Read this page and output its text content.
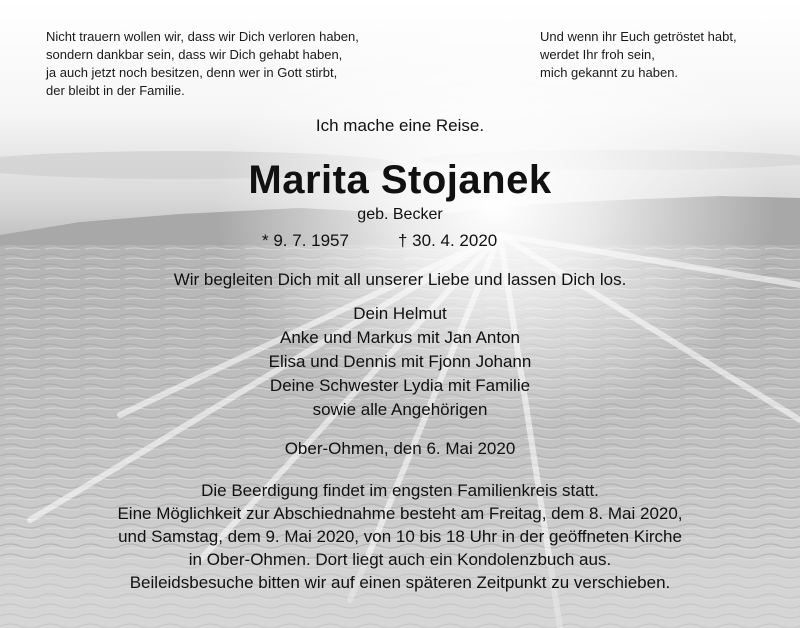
Nicht trauern wollen wir, dass wir Dich verloren haben,
sondern dankbar sein, dass wir Dich gehabt haben,
ja auch jetzt noch besitzen, denn wer in Gott stirbt,
der bleibt in der Familie.
Und wenn ihr Euch getröstet habt,
werdet Ihr froh sein,
mich gekannt zu haben.
Ich mache eine Reise.
Marita Stojanek
geb. Becker
* 9. 7. 1957	† 30. 4. 2020
Wir begleiten Dich mit all unserer Liebe und lassen Dich los.
Dein Helmut
Anke und Markus mit Jan Anton
Elisa und Dennis mit Fjonn Johann
Deine Schwester Lydia mit Familie
sowie alle Angehörigen
Ober-Ohmen, den 6. Mai 2020
Die Beerdigung findet im engsten Familienkreis statt.
Eine Möglichkeit zur Abschiednahme besteht am Freitag, dem 8. Mai 2020,
und Samstag, dem 9. Mai 2020, von 10 bis 18 Uhr in der geöffneten Kirche
in Ober-Ohmen. Dort liegt auch ein Kondolenzbuch aus.
Beileidsbesuche bitten wir auf einen späteren Zeitpunkt zu verschieben.
